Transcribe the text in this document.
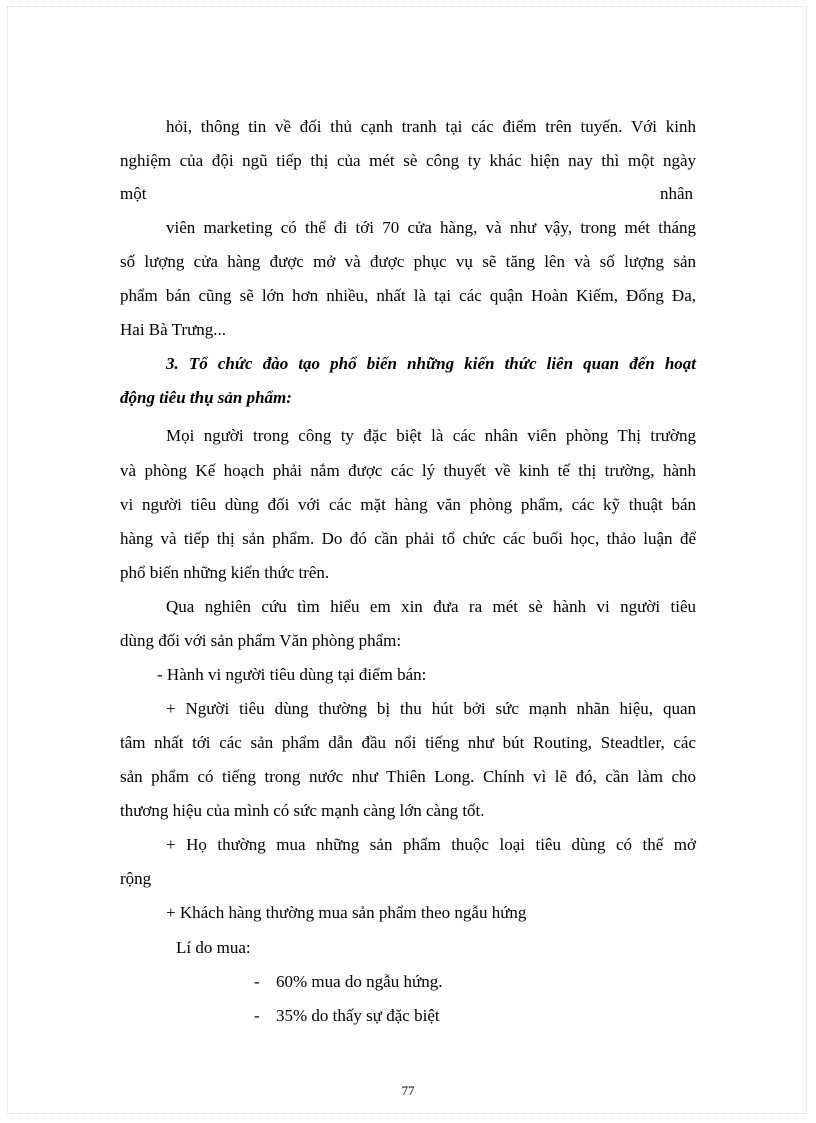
hỏi, thông tin về đối thủ cạnh tranh tại các điểm trên tuyến. Với kinh
nghiệm của đội ngũ tiếp thị của mét sè công ty khác hiện nay thì một ngày
một	nhân
viên marketing có thể đi tới 70 cửa hàng, và như vậy, trong mét tháng
số lượng cửa hàng được mở và được phục vụ sẽ tăng lên và số lượng sản
phẩm bán cũng sẽ lớn hơn nhiều, nhất là tại các quận Hoàn Kiếm, Đống Đa,
Hai Bà Trưng...
3. Tổ chức đào tạo phổ biến những kiến thức liên quan đến hoạt
động tiêu thụ sản phẩm:
Mọi người trong công ty đặc biệt là các nhân viên phòng Thị trường
và phòng Kế hoạch phải nắm được các lý thuyết về kinh tế thị trường, hành
vi người tiêu dùng đối với các mặt hàng văn phòng phẩm, các kỹ thuật bán
hàng và tiếp thị sản phẩm. Do đó cần phải tổ chức các buổi học, thảo luận để
phổ biến những kiến thức trên.
Qua nghiên cứu tìm hiểu em xin đưa ra mét sè hành vi người tiêu
dùng đối với sản phẩm Văn phòng phẩm:
- Hành vi người tiêu dùng tại điểm bán:
+ Người tiêu dùng thường bị thu hút bởi sức mạnh nhãn hiệu, quan
tâm nhất tới các sản phẩm dẫn đầu nổi tiếng như bút Routing, Steadtler, các
sản phẩm có tiếng trong nước như Thiên Long. Chính vì lẽ đó, cần làm cho
thương hiệu của mình có sức mạnh càng lớn càng tốt.
+ Họ thường mua những sản phẩm thuộc loại tiêu dùng có thể mở
rộng
+ Khách hàng thường mua sản phẩm theo ngẫu hứng
Lí do mua:
- 60% mua do ngẫu hứng.
- 35% do thấy sự đặc biệt
77
